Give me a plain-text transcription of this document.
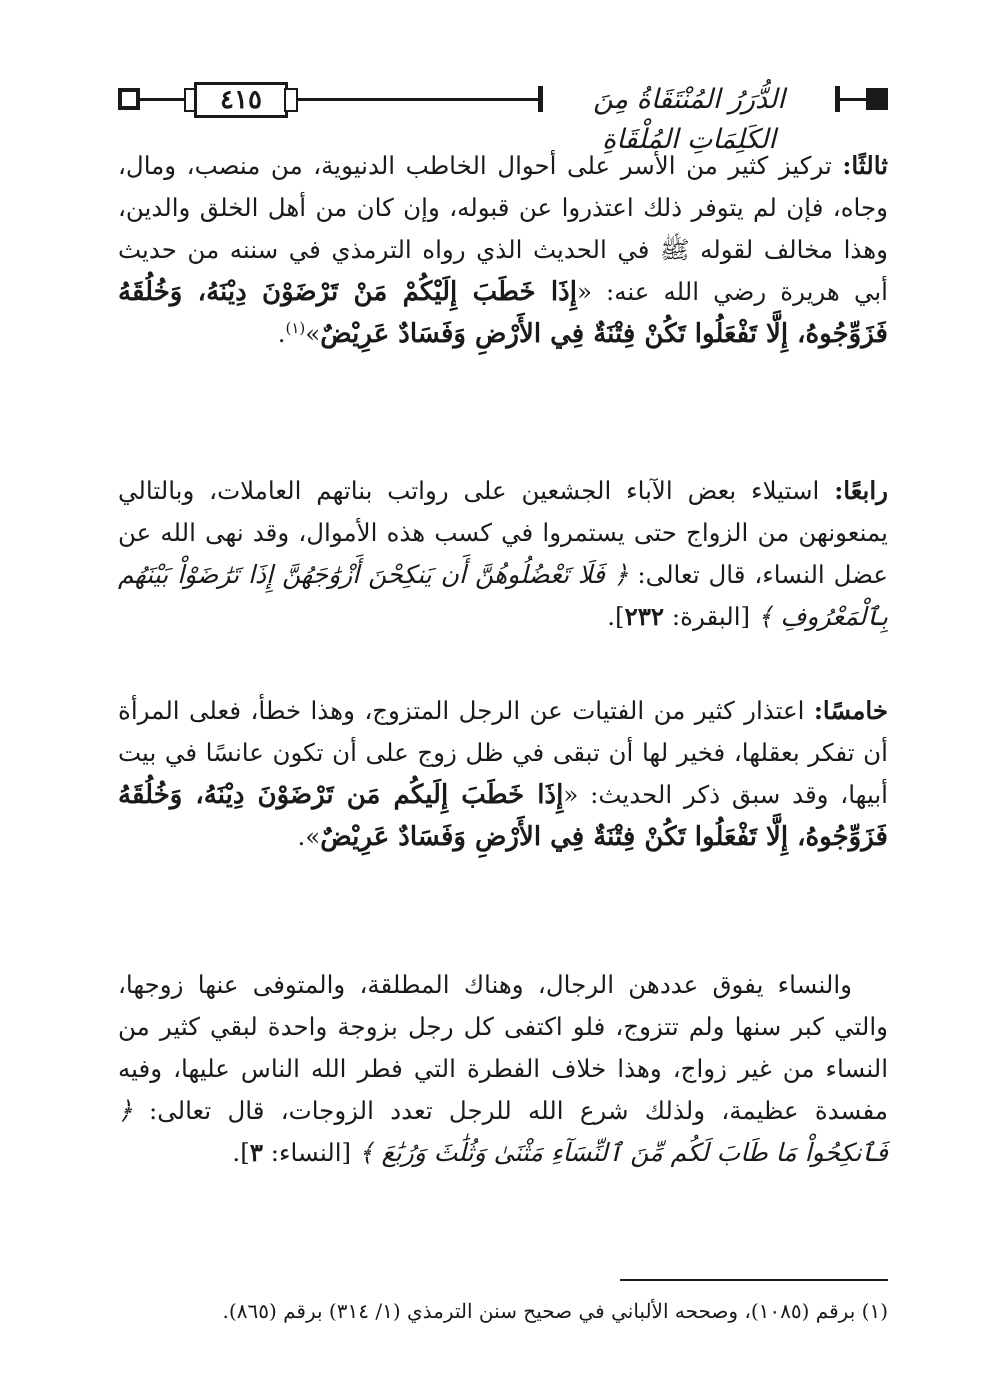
٤١٥	الدُّرَرُ المُنْتَقَاةُ مِنَ الكَلِمَاتِ المُلْقَاةِ

ثالثًا: تركيز كثير من الأسر على أحوال الخاطب الدنيوية، من منصب، ومال، وجاه، فإن لم يتوفر ذلك اعتذروا عن قبوله، وإن كان من أهل الخلق والدين، وهذا مخالف لقوله ﷺ في الحديث الذي رواه الترمذي في سننه من حديث أبي هريرة رضي الله عنه: «إِذَا خَطَبَ إِلَيْكُمْ مَنْ تَرْضَوْنَ دِيْنَهُ، وَخُلُقَهُ فَزَوِّجُوهُ، إِلَّا تَفْعَلُوا تَكُنْ فِتْنَةٌ فِي الأَرْضِ وَفَسَادٌ عَرِيْضٌ»$^{(١)}$.

رابعًا: استيلاء بعض الآباء الجشعين على رواتب بناتهم العاملات، وبالتالي يمنعونهن من الزواج حتى يستمروا في كسب هذه الأموال، وقد نهى الله عن عضل النساء، قال تعالى: ﴿ فَلَا تَعْضُلُوهُنَّ أَن يَنكِحْنَ أَزْوَٰجَهُنَّ إِذَا تَرَٰضَوْاْ بَيْنَهُم بِٱلْمَعْرُوفِ ﴾ [البقرة: ٢٣٢].

خامسًا: اعتذار كثير من الفتيات عن الرجل المتزوج، وهذا خطأ، فعلى المرأة أن تفكر بعقلها، فخير لها أن تبقى في ظل زوج على أن تكون عانسًا في بيت أبيها، وقد سبق ذكر الحديث: «إِذَا خَطَبَ إِلَيكُم مَن تَرْضَوْنَ دِيْنَهُ، وَخُلُقَهُ فَزَوِّجُوهُ، إِلَّا تَفْعَلُوا تَكُنْ فِتْنَةٌ فِي الأَرْضِ وَفَسَادٌ عَرِيْضٌ».

والنساء يفوق عددهن الرجال، وهناك المطلقة، والمتوفى عنها زوجها، والتي كبر سنها ولم تتزوج، فلو اكتفى كل رجل بزوجة واحدة لبقي كثير من النساء من غير زواج، وهذا خلاف الفطرة التي فطر الله الناس عليها، وفيه مفسدة عظيمة، ولذلك شرع الله للرجل تعدد الزوجات، قال تعالى: ﴿ فَٱنكِحُواْ مَا طَابَ لَكُم مِّنَ ٱلنِّسَآءِ مَثْنَىٰ وَثُلَٰثَ وَرُبَٰعَ ﴾ [النساء: ٣].

(١) برقم (١٠٨٥)، وصححه الألباني في صحيح سنن الترمذي (١/ ٣١٤) برقم (٨٦٥).
